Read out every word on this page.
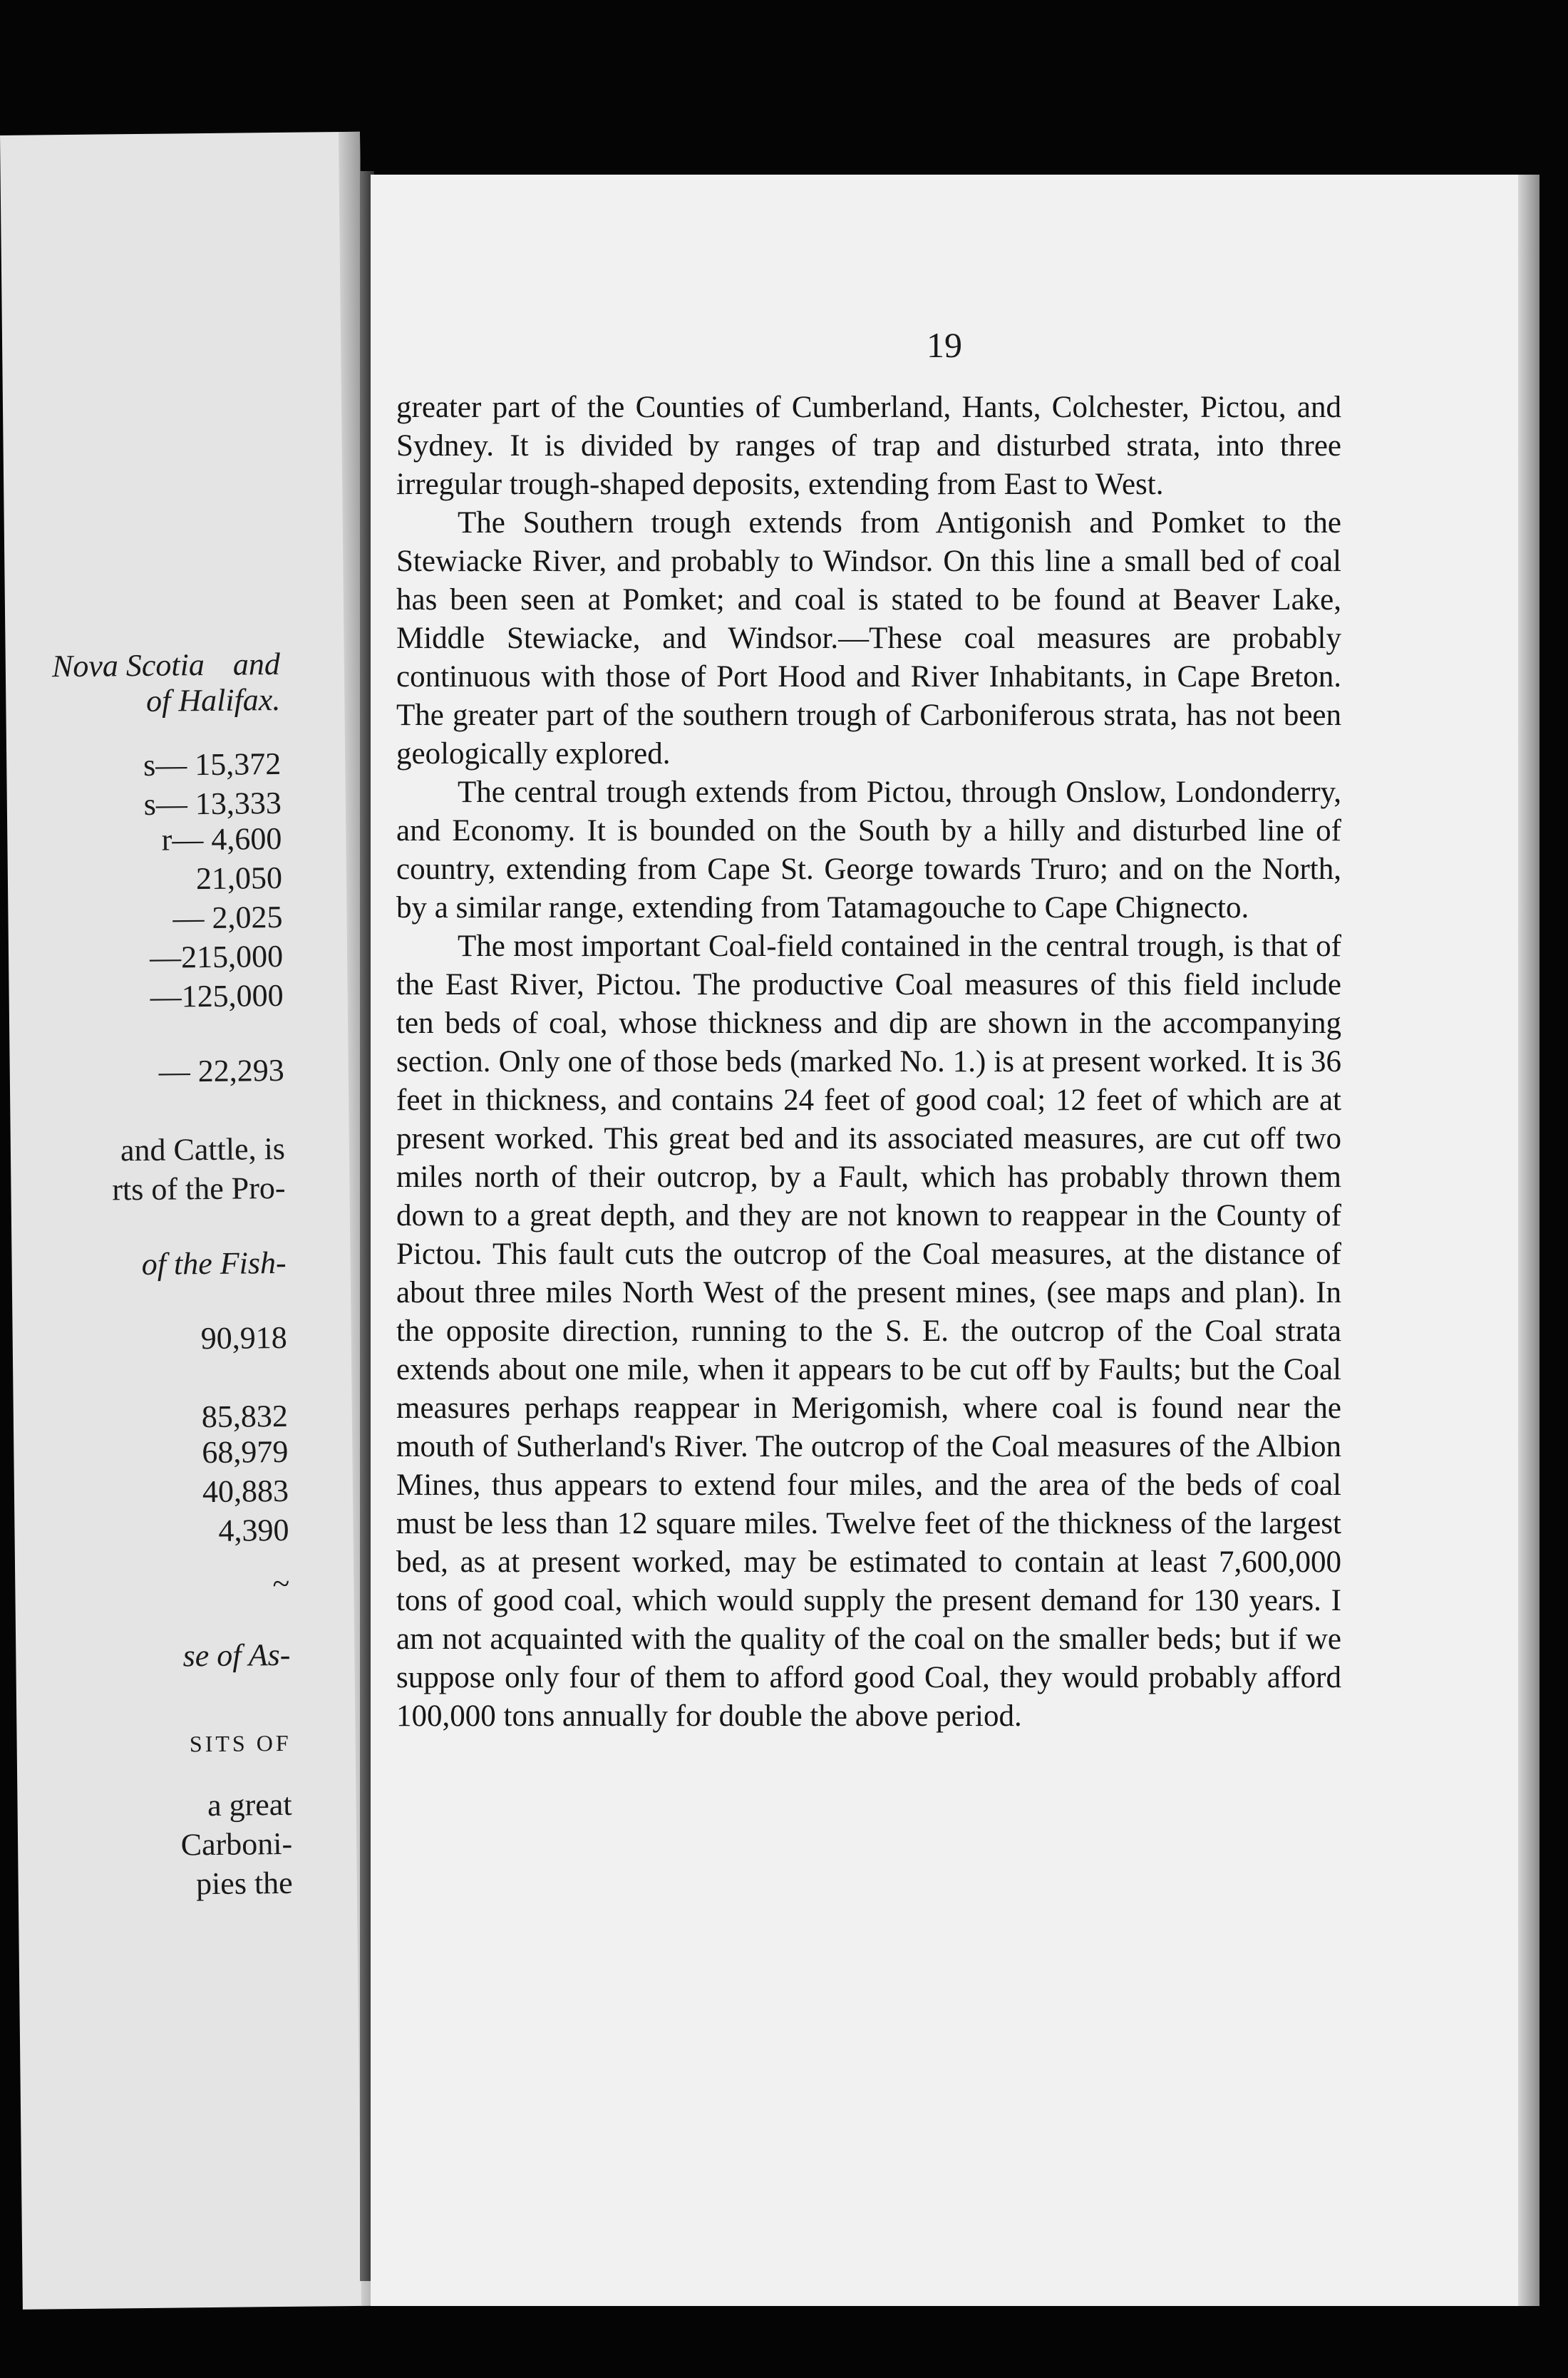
Nova Scotia and
of Halifax.
s— 15,372
s— 13,333
r— 4,600
21,050
— 2,025
—215,000
—125,000
— 22,293
and Cattle, is
rts of the Pro-
of the Fish-
90,918
85,832
68,979
40,883
4,390
~
se of As-
SITS OF
a great
Carboni-
pies the
19

greater part of the Counties of Cumberland, Hants, Colchester, Pictou, and Sydney. It is divided by ranges of trap and disturbed strata, into three irregular trough-shaped deposits, extending from East to West.

The Southern trough extends from Antigonish and Pomket to the Stewiacke River, and probably to Windsor. On this line a small bed of coal has been seen at Pomket; and coal is stated to be found at Beaver Lake, Middle Stewiacke, and Windsor.—These coal measures are probably continuous with those of Port Hood and River Inhabitants, in Cape Breton. The greater part of the southern trough of Carboniferous strata, has not been geologically explored.

The central trough extends from Pictou, through Onslow, Londonderry, and Economy. It is bounded on the South by a hilly and disturbed line of country, extending from Cape St. George towards Truro; and on the North, by a similar range, extending from Tatamagouche to Cape Chignecto.

The most important Coal-field contained in the central trough, is that of the East River, Pictou. The productive Coal measures of this field include ten beds of coal, whose thickness and dip are shown in the accompanying section. Only one of those beds (marked No. 1.) is at present worked. It is 36 feet in thickness, and contains 24 feet of good coal; 12 feet of which are at present worked. This great bed and its associated measures, are cut off two miles north of their outcrop, by a Fault, which has probably thrown them down to a great depth, and they are not known to reappear in the County of Pictou. This fault cuts the outcrop of the Coal measures, at the distance of about three miles North West of the present mines, (see maps and plan). In the opposite direction, running to the S. E. the outcrop of the Coal strata extends about one mile, when it appears to be cut off by Faults; but the Coal measures perhaps reappear in Merigomish, where coal is found near the mouth of Sutherland's River. The outcrop of the Coal measures of the Albion Mines, thus appears to extend four miles, and the area of the beds of coal must be less than 12 square miles. Twelve feet of the thickness of the largest bed, as at present worked, may be estimated to contain at least 7,600,000 tons of good coal, which would supply the present demand for 130 years. I am not acquainted with the quality of the coal on the smaller beds; but if we suppose only four of them to afford good Coal, they would probably afford 100,000 tons annually for double the above period.
